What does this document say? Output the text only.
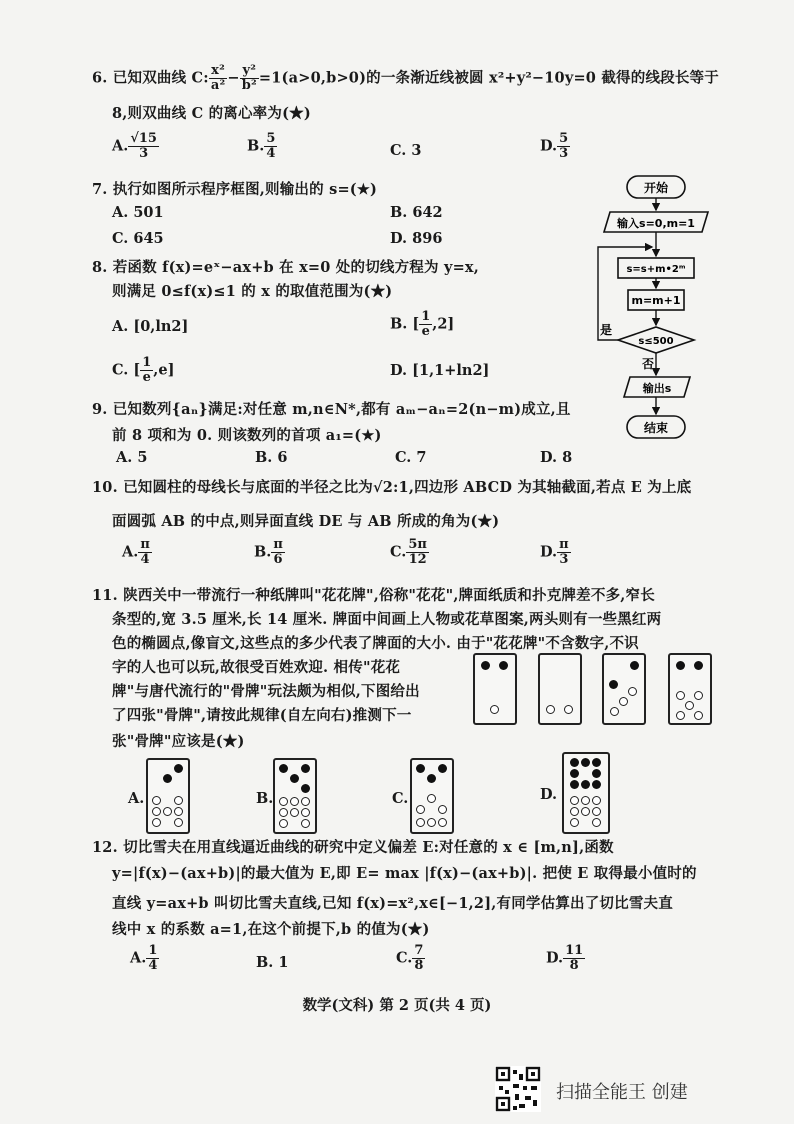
6. 已知双曲线 C: $\frac{\text{x²}}{\text{a²}} - \frac{\text{y²}}{\text{b²}} =1(a>0,b>0)$的一条渐近线被圆 x²+y²−10y=0 截得的线段长等于
8,则双曲线 C 的离心率为(★)
A. $\frac{√15}{3}$	B. $\frac{5}{4}$	C. 3	D. $\frac{5}{3}$
7. 执行如图所示程序框图,则输出的 s=(★)
A. 501	B. 642
C. 645	D. 896
开始
输入s=0,m=1
s=s+m•2ᵐ
m=m+1
s≤500
是
否
输出s
结束
8. 若函数 f(x)=eˣ−ax+b 在 x=0 处的切线方程为 y=x,
则满足 0≤f(x)≤1 的 x 的取值范围为(★)
A. [0,ln2]	B. [ $\frac{1}{e} ,2$]
C. [ $\frac{1}{e} ,e$]	D. [1,1+ln2]
9. 已知数列{aₙ}满足:对任意 m,n∈N*,都有 aₘ−aₙ=2(n−m)成立,且
前 8 项和为 0. 则该数列的首项 a₁=(★)
A. 5	B. 6	C. 7	D. 8
10. 已知圆柱的母线长与底面的半径之比为√2:1,四边形 ABCD 为其轴截面,若点 E 为上底
面圆弧 AB 的中点,则异面直线 DE 与 AB 所成的角为(★)
A. $\frac{\pi}{4}$	B. $\frac{\pi}{6}$	C. $\frac{5\pi}{12}$	D. $\frac{\pi}{3}$
11. 陕西关中一带流行一种纸牌叫"花花牌",俗称"花花",牌面纸质和扑克牌差不多,窄长
条型的,宽 3.5 厘米,长 14 厘米. 牌面中间画上人物或花草图案,两头则有一些黑红两
色的椭圆点,像盲文,这些点的多少代表了牌面的大小. 由于"花花牌"不含数字,不识
字的人也可以玩,故很受百姓欢迎. 相传"花花
牌"与唐代流行的"骨牌"玩法颇为相似,下图给出
了四张"骨牌",请按此规律(自左向右)推测下一
张"骨牌"应该是(★)
A.	B.	C.	D.
12. 切比雪夫在用直线逼近曲线的研究中定义偏差 E:对任意的 x ∈ [m,n],函数
y=|f(x)−(ax+b)|的最大值为 E,即 E= max |f(x)−(ax+b)|. 把使 E 取得最小值时的
直线 y=ax+b 叫切比雪夫直线,已知 f(x)=x²,x∈[−1,2],有同学估算出了切比雪夫直
线中 x 的系数 a=1,在这个前提下,b 的值为(★)
A. $\frac{1}{4}$	B. 1	C. $\frac{7}{8}$	D. $\frac{11}{8}$
数学(文科) 第 2 页(共 4 页)
扫描全能王 创建
